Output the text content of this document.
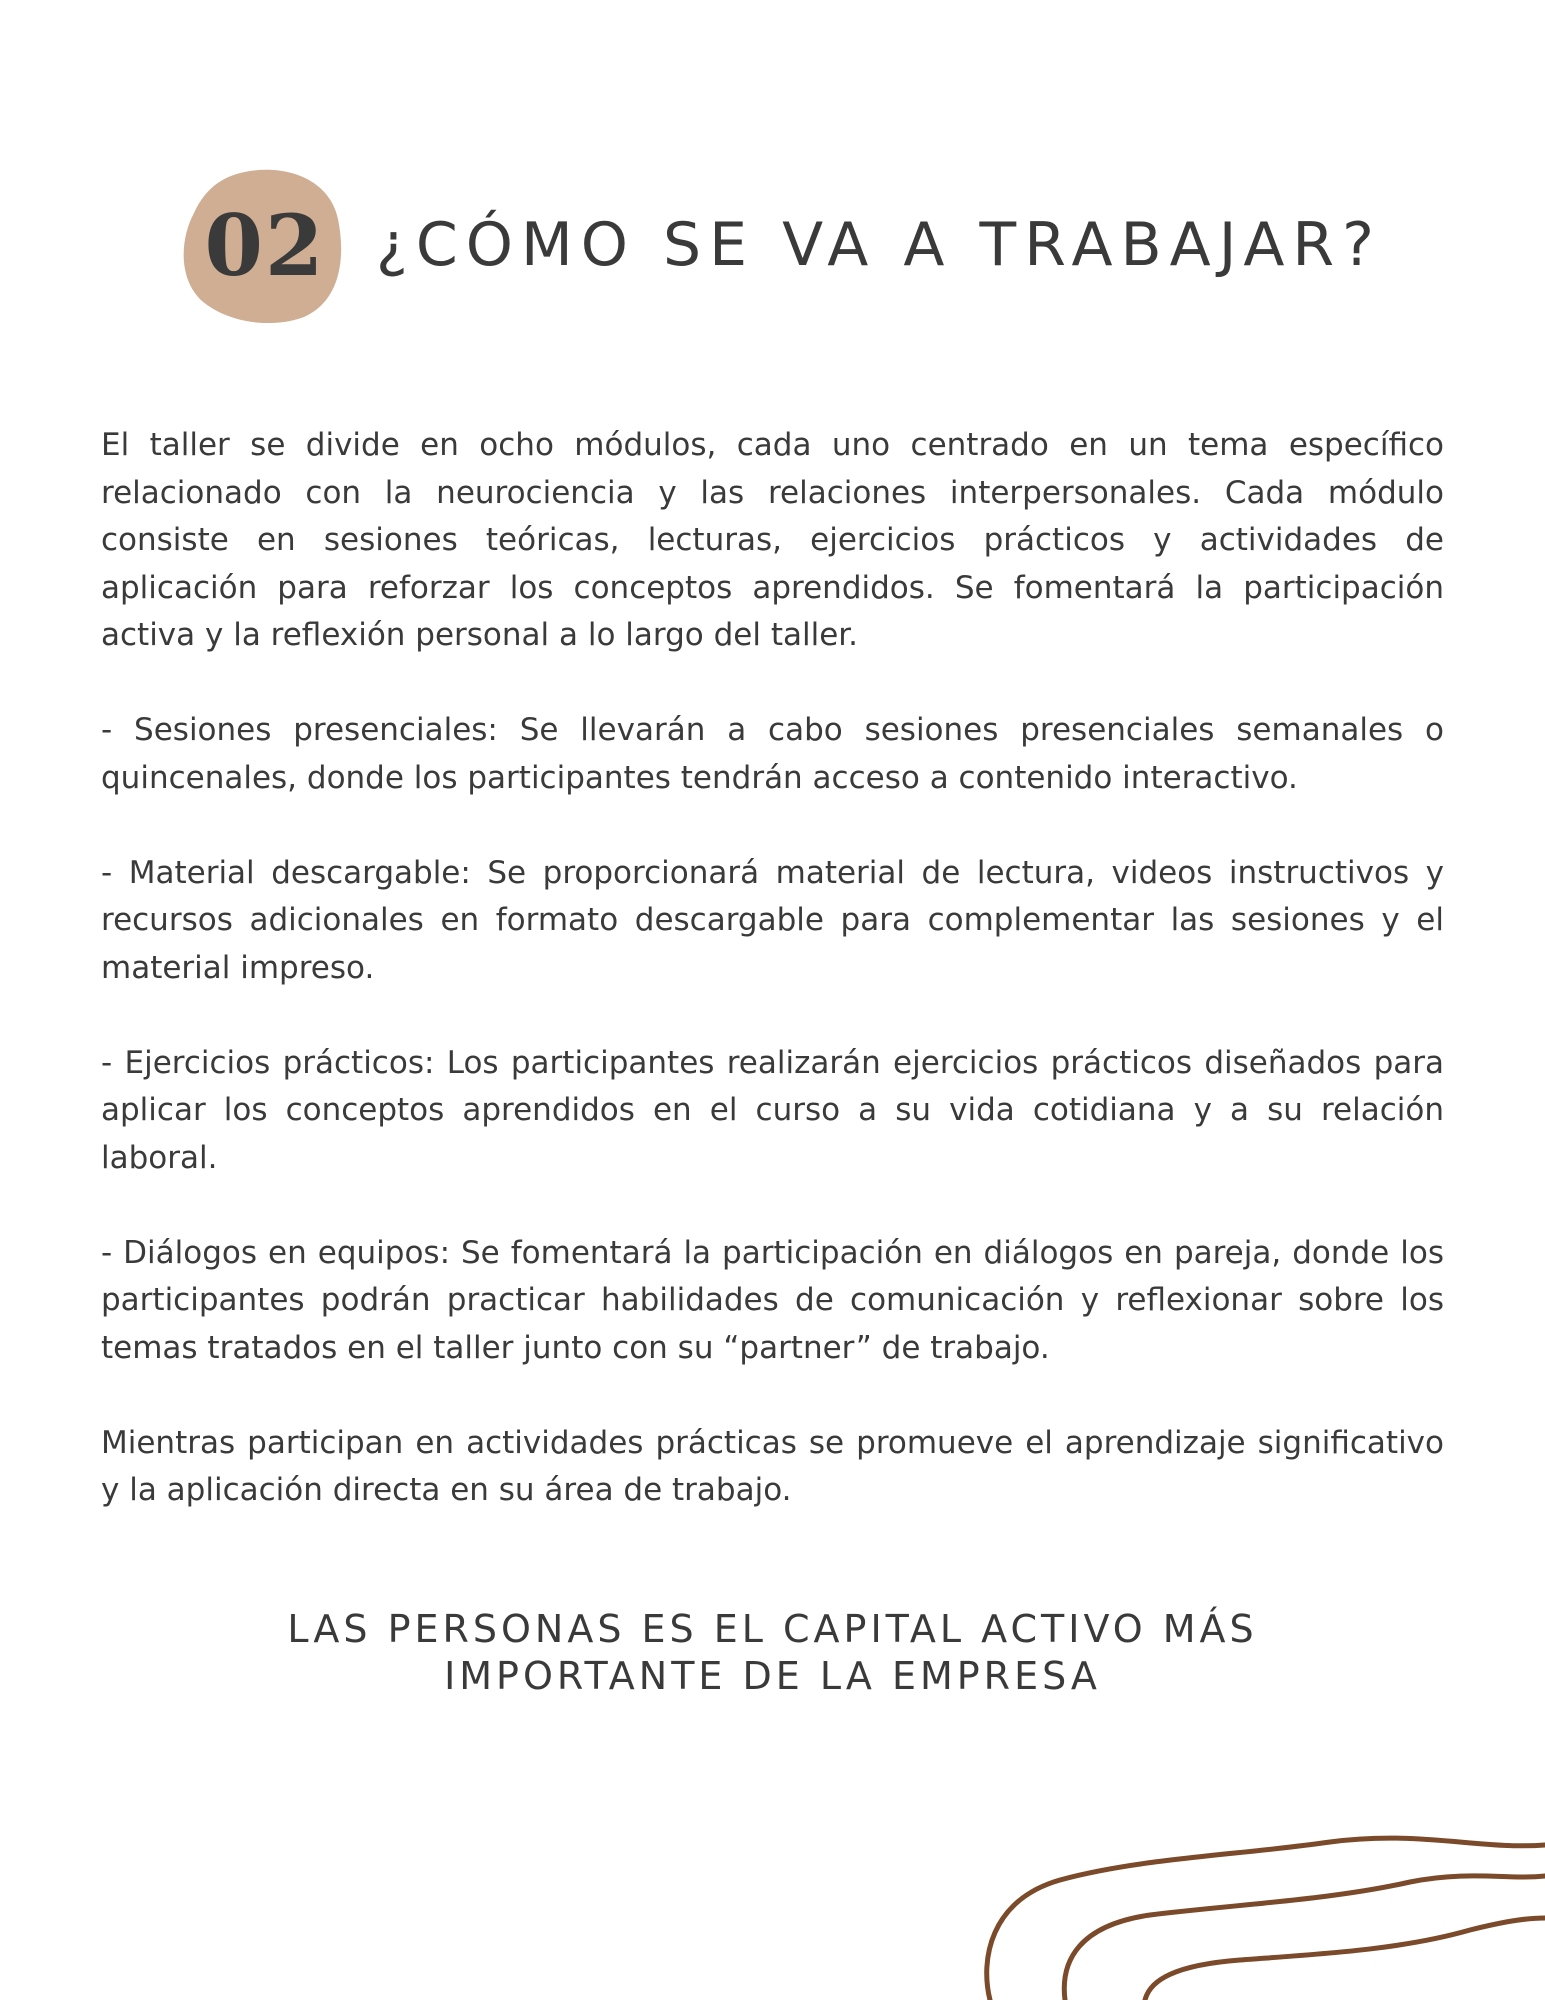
02 ¿CÓMO SE VA A TRABAJAR?

El taller se divide en ocho módulos, cada uno centrado en un tema específico relacionado con la neurociencia y las relaciones interpersonales. Cada módulo consiste en sesiones teóricas, lecturas, ejercicios prácticos y actividades de aplicación para reforzar los conceptos aprendidos. Se fomentará la participación activa y la reflexión personal a lo largo del taller.

- Sesiones presenciales: Se llevarán a cabo sesiones presenciales semanales o quincenales, donde los participantes tendrán acceso a contenido interactivo.

- Material descargable: Se proporcionará material de lectura, videos instructivos y recursos adicionales en formato descargable para complementar las sesiones y el material impreso.

- Ejercicios prácticos: Los participantes realizarán ejercicios prácticos diseñados para aplicar los conceptos aprendidos en el curso a su vida cotidiana y a su relación laboral.

- Diálogos en equipos: Se fomentará la participación en diálogos en pareja, donde los participantes podrán practicar habilidades de comunicación y reflexionar sobre los temas tratados en el taller junto con su “partner” de trabajo.

Mientras participan en actividades prácticas se promueve el aprendizaje significativo y la aplicación directa en su área de trabajo.

LAS PERSONAS ES EL CAPITAL ACTIVO MÁS
IMPORTANTE DE LA EMPRESA
